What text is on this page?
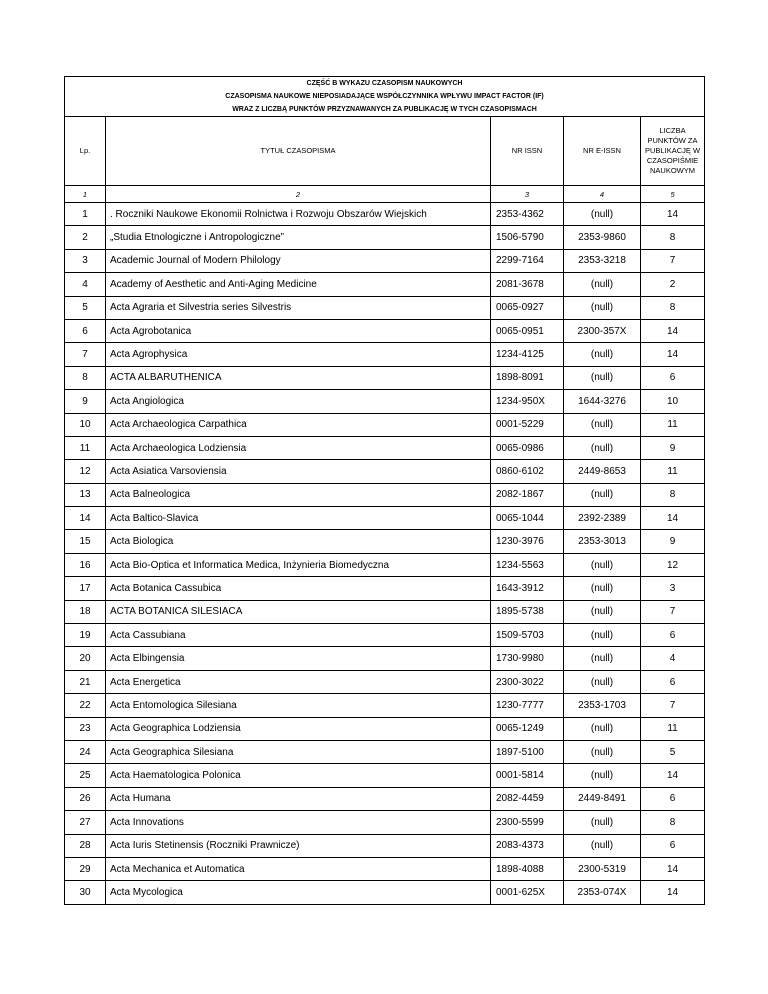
CZĘŚĆ B WYKAZU CZASOPISM NAUKOWYCH
CZASOPISMA NAUKOWE NIEPOSIADAJĄCE WSPÓŁCZYNNIKA WPŁYWU IMPACT FACTOR (IF)
WRAZ Z LICZBĄ PUNKTÓW PRZYZNAWANYCH ZA PUBLIKACJĘ W TYCH CZASOPISMACH				

Lp.	TYTUŁ CZASOPISMA	NR ISSN	NR E-ISSN	LICZBA PUNKTÓW ZA PUBLIKACJĘ W CZASOPIŚMIE NAUKOWYM
1	2	3	4	5
1	. Roczniki Naukowe Ekonomii Rolnictwa i Rozwoju Obszarów Wiejskich	2353-4362	(null)	14
2	„Studia Etnologiczne i Antropologiczne”	1506-5790	2353-9860	8
3	Academic Journal of Modern Philology	2299-7164	2353-3218	7
4	Academy of Aesthetic and Anti-Aging Medicine	2081-3678	(null)	2
5	Acta Agraria et Silvestria series Silvestris	0065-0927	(null)	8
6	Acta Agrobotanica	0065-0951	2300-357X	14
7	Acta Agrophysica	1234-4125	(null)	14
8	ACTA ALBARUTHENICA	1898-8091	(null)	6
9	Acta Angiologica	1234-950X	1644-3276	10
10	Acta Archaeologica Carpathica	0001-5229	(null)	11
11	Acta Archaeologica Lodziensia	0065-0986	(null)	9
12	Acta Asiatica Varsoviensia	0860-6102	2449-8653	11
13	Acta Balneologica	2082-1867	(null)	8
14	Acta Baltico-Slavica	0065-1044	2392-2389	14
15	Acta Biologica	1230-3976	2353-3013	9
16	Acta Bio-Optica et Informatica Medica, Inżynieria Biomedyczna	1234-5563	(null)	12
17	Acta Botanica Cassubica	1643-3912	(null)	3
18	ACTA BOTANICA SILESIACA	1895-5738	(null)	7
19	Acta Cassubiana	1509-5703	(null)	6
20	Acta Elbingensia	1730-9980	(null)	4
21	Acta Energetica	2300-3022	(null)	6
22	Acta Entomologica Silesiana	1230-7777	2353-1703	7
23	Acta Geographica Lodziensia	0065-1249	(null)	11
24	Acta Geographica Silesiana	1897-5100	(null)	5
25	Acta Haematologica Polonica	0001-5814	(null)	14
26	Acta Humana	2082-4459	2449-8491	6
27	Acta Innovations	2300-5599	(null)	8
28	Acta Iuris Stetinensis (Roczniki Prawnicze)	2083-4373	(null)	6
29	Acta Mechanica et Automatica	1898-4088	2300-5319	14
30	Acta Mycologica	0001-625X	2353-074X	14
